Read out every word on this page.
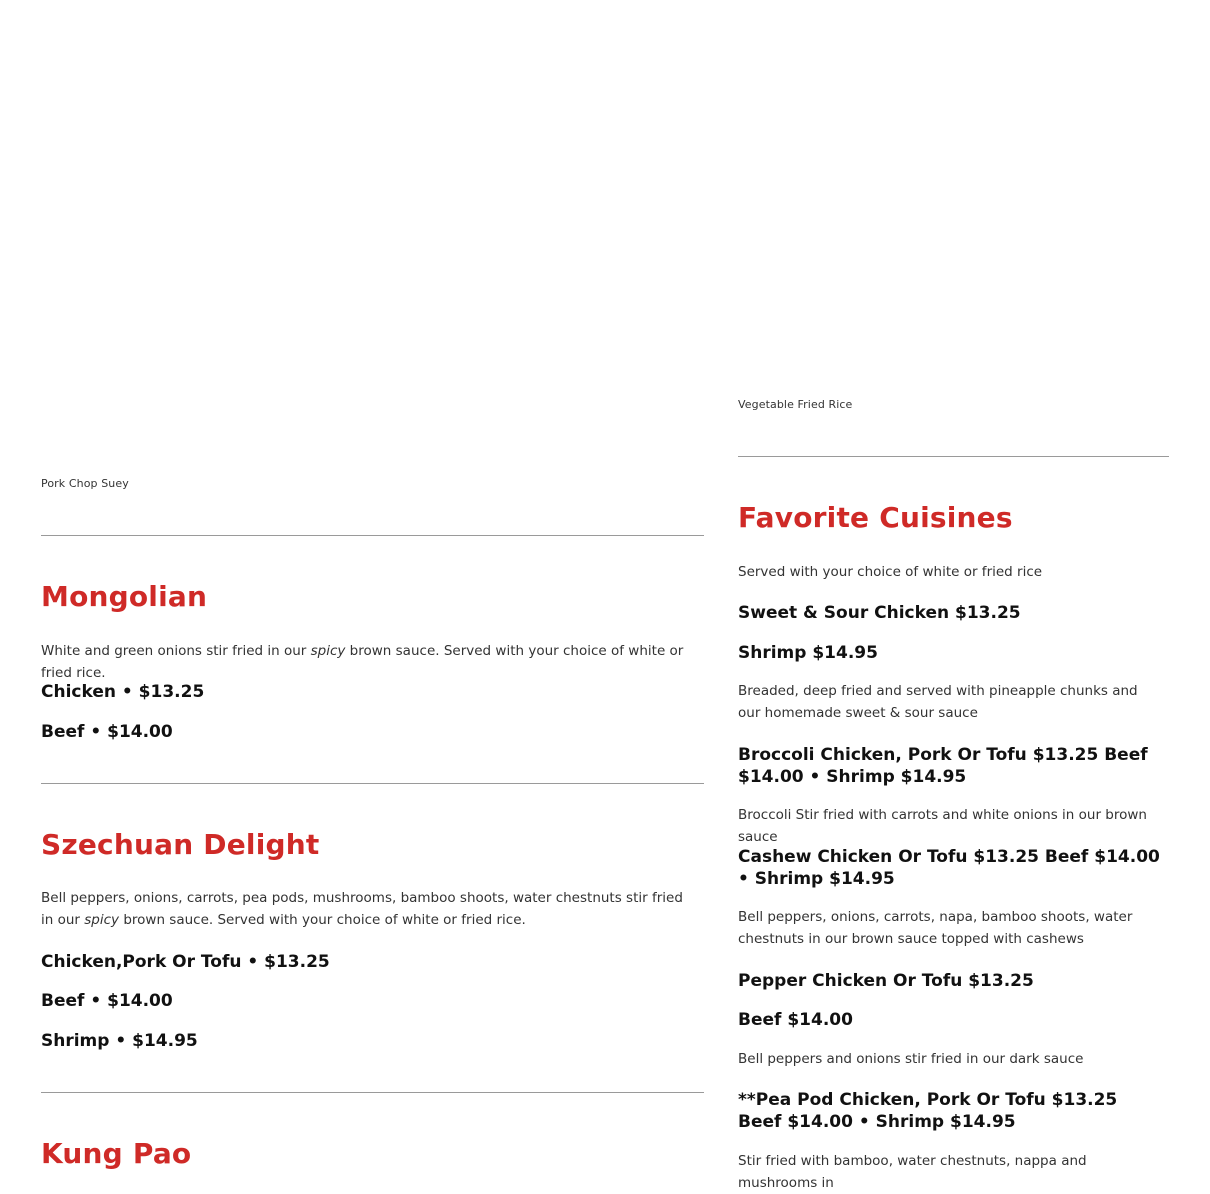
Pork Chop Suey
Mongolian

White and green onions stir fried in our spicy brown sauce. Served with your choice of white or fried rice.

Chicken • $13.25

Beef • $14.00

Szechuan Delight

Bell peppers, onions, carrots, pea pods, mushrooms, bamboo shoots, water chestnuts stir fried in our spicy brown sauce. Served with your choice of white or fried rice.

Chicken,Pork Or Tofu • $13.25

Beef • $14.00

Shrimp • $14.95

Kung Pao
Vegetable Fried Rice
Favorite Cuisines

Served with your choice of white or fried rice

Sweet & Sour Chicken $13.25

Shrimp $14.95

Breaded, deep fried and served with pineapple chunks and our homemade sweet & sour sauce

Broccoli Chicken, Pork Or Tofu $13.25 Beef $14.00 • Shrimp $14.95

Broccoli Stir fried with carrots and white onions in our brown sauce

Cashew Chicken Or Tofu $13.25 Beef $14.00 • Shrimp $14.95

Bell peppers, onions, carrots, napa, bamboo shoots, water chestnuts in our brown sauce topped with cashews

Pepper Chicken Or Tofu $13.25

Beef $14.00

Bell peppers and onions stir fried in our dark sauce

**Pea Pod Chicken, Pork Or Tofu $13.25 Beef $14.00 • Shrimp $14.95

Stir fried with bamboo, water chestnuts, nappa and mushrooms in
